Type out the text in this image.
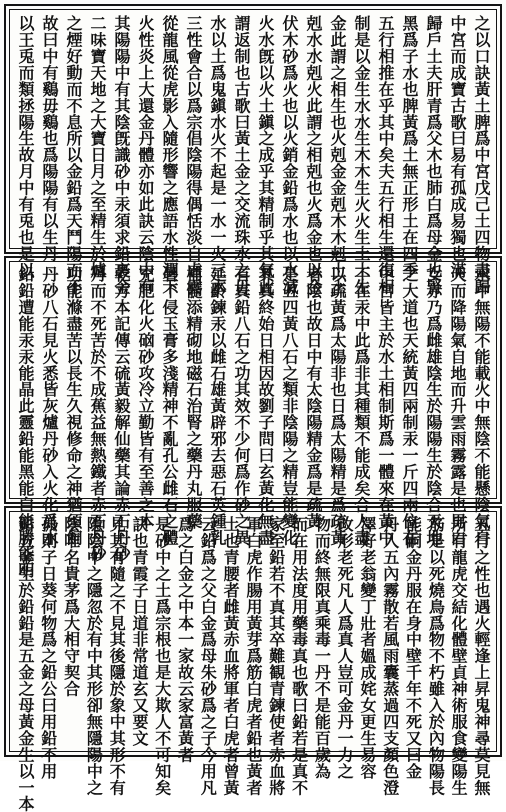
之以口訣黃土脾爲中宮戊己土四物盡歸
中宮而成寶古歌曰易有孤成易獨也滿
歸戶土夫肝青爲父木也肺白爲母金也腎
黑爲子水也脾黃爲土無正形土在四季
五行相推在乎其中矣夫五行相生還復相
制是以金生水水生木木生火火生土土生
金此謂之相生也火剋金金剋木木剋土土
剋水水剋火此謂之相剋也火爲金也以金
伏木砂爲火也以火銷金鉛爲水也以水滅
火水旣以火土鎭之成乎其精制乎其氣此
謂返制也古歌曰黃土金之交流珠水之毋
水以土爲鬼鎭水火不起是一水一火三木
三性會合以爲宗倡陰陽得偶恬淡自虛雲
從龍風從虎影入隨形響之應語水性潤下
火性炎上大還金丹體亦如此訣云陰中有
其陽陽中有其陰旣識砂中汞須求鉛裏金
二味寶天地之大寶日月之至精生於爐
之煙好動而不息所以金鉛爲天鬥陽而不
故曰中有鷄毋鷄也爲陽陽有以生丹
以王兎而類拯陽生故月中有兎也是以
水中無陽不能載火中無陰不能懸陰氣自
天而降陽氣自地而升雲雨霧露是也男白
女赤乃爲雌雄陰生於陽陽生於陰合天地
之大道也天統黃四兩制汞一斤四兩位在
中宮皆主於水土相制斯爲一體來在黃中
不在汞中此爲非其種類不能成矣合人盡
以疏黃爲太陽非也日爲太陽精是爲疏黃
者陰也故日中有太陰陽精金爲是疏黃
是丑四黃八石之類非陰陽之精豈能變化
其真終始日相因故劉子問曰玄黃化無盡
有真鉛八石之功其效不少何爲作砂之異
延齡鍊汞以雌石雄黃辟邪去惡石英鍾乳
補髓添精砌地磁石治腎之藥丹丸服藥
暑不侵玉膏多淺精神不亂孔公雌石之體
充肥化火硇砂攻冷立勤皆有至善之本
乾方本記傳云硫黃毅解仙藥其論赤石丹砂
丹而不死苦於不成蕉益無熱鐵者赤石丹砂
功能滌盡苦以長生久視修命之神猶須飼
丹砂八石見火悉皆灰爐丹砂入火化爲水
鉛鉛遭能汞汞能晶此靈鉛能黑能白能勝能明
五行之性也遇火輕逢上昇鬼神尋莫見無
所有龍虎交結化體壁貞神術服食變陽生
筋是以死燒鳥爲物不朽雖入於內物陽長
能嗣金丹服在身中壁千年不死又曰金
丹入五內霧散若風雨囊蒸過四支顏色澄
澤好老翁變丁壯者媼成姹女更生易容
改形老死凡人爲真人豈可金丹一力之
物而終無限真乘毒一丹不是能百歲為
而在用法度用藥毒真也歌曰鉛若是真不
家至鉛若不真其卒難観青鍊使者赤血將
軍白虎作腸用黃芽爲筋白虎者鉛也黃者
土也青腰者雌黃赤血將軍者白虎者曾黃
云鉛爲之父白金爲母朱砂爲之子今用凡
爲之白金之中本一家故云家富黃者
是砂中之土爲宗根也是大欺人不可知矣
訣也青霞子日道非常道玄又要文
見其有隨之不見其後隱於象中其形不有
隱陰中之隱忽於有中其形卻無隱陽中之
陰唯名貴茅爲大相守契合
孤則子日葵何物爲之鉛公曰用鉛不用
鉛五金生於鉛鉛是五金之母黃金生以一本
